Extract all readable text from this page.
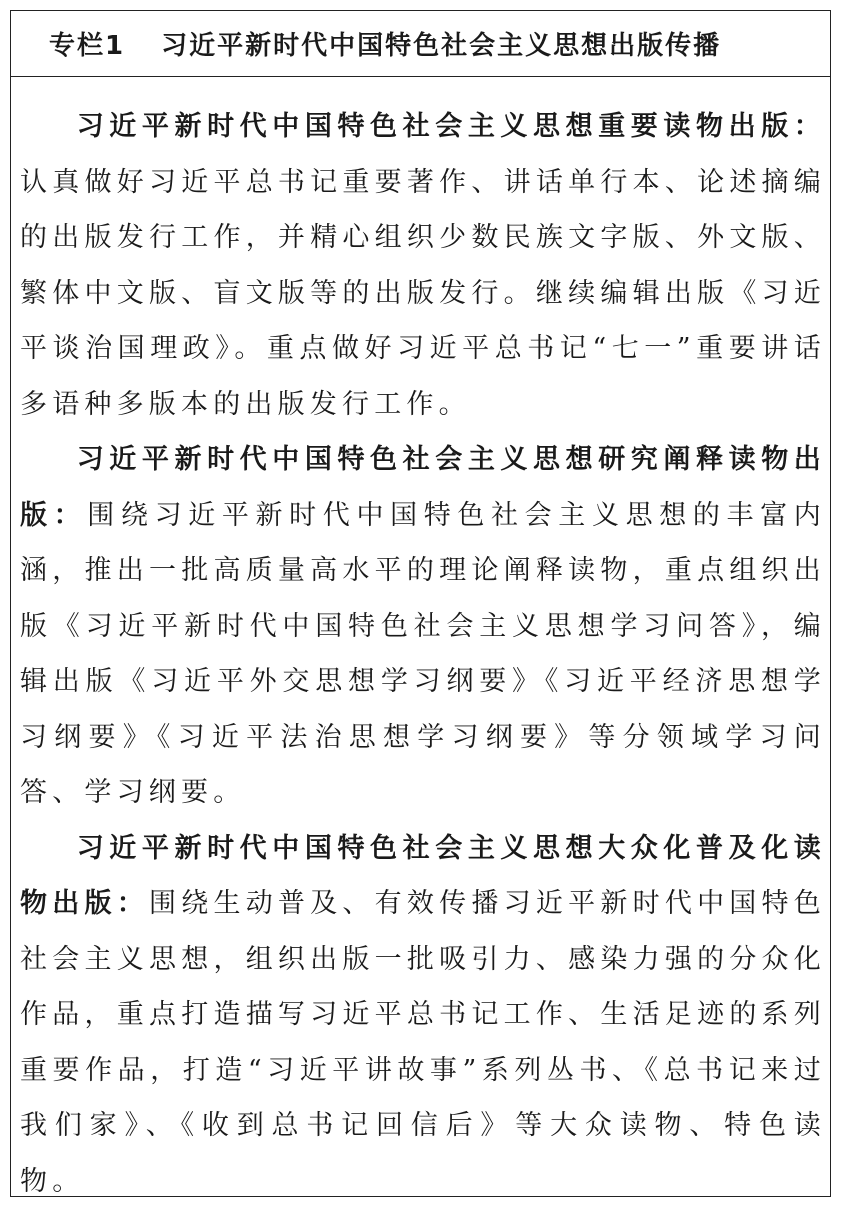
专栏1 习近平新时代中国特色社会主义思想出版传播

习近平新时代中国特色社会主义思想重要读物出版：认真做好习近平总书记重要著作、讲话单行本、论述摘编的出版发行工作，并精心组织少数民族文字版、外文版、繁体中文版、盲文版等的出版发行。继续编辑出版《习近平谈治国理政》。重点做好习近平总书记“七一”重要讲话多语种多版本的出版发行工作。

习近平新时代中国特色社会主义思想研究阐释读物出版：围绕习近平新时代中国特色社会主义思想的丰富内涵，推出一批高质量高水平的理论阐释读物，重点组织出版《习近平新时代中国特色社会主义思想学习问答》，编辑出版《习近平外交思想学习纲要》《习近平经济思想学习纲要》《习近平法治思想学习纲要》等分领域学习问答、学习纲要。

习近平新时代中国特色社会主义思想大众化普及化读物出版：围绕生动普及、有效传播习近平新时代中国特色社会主义思想，组织出版一批吸引力、感染力强的分众化作品，重点打造描写习近平总书记工作、生活足迹的系列重要作品，打造“习近平讲故事”系列丛书、《总书记来过我们家》、《收到总书记回信后》等大众读物、特色读物。
